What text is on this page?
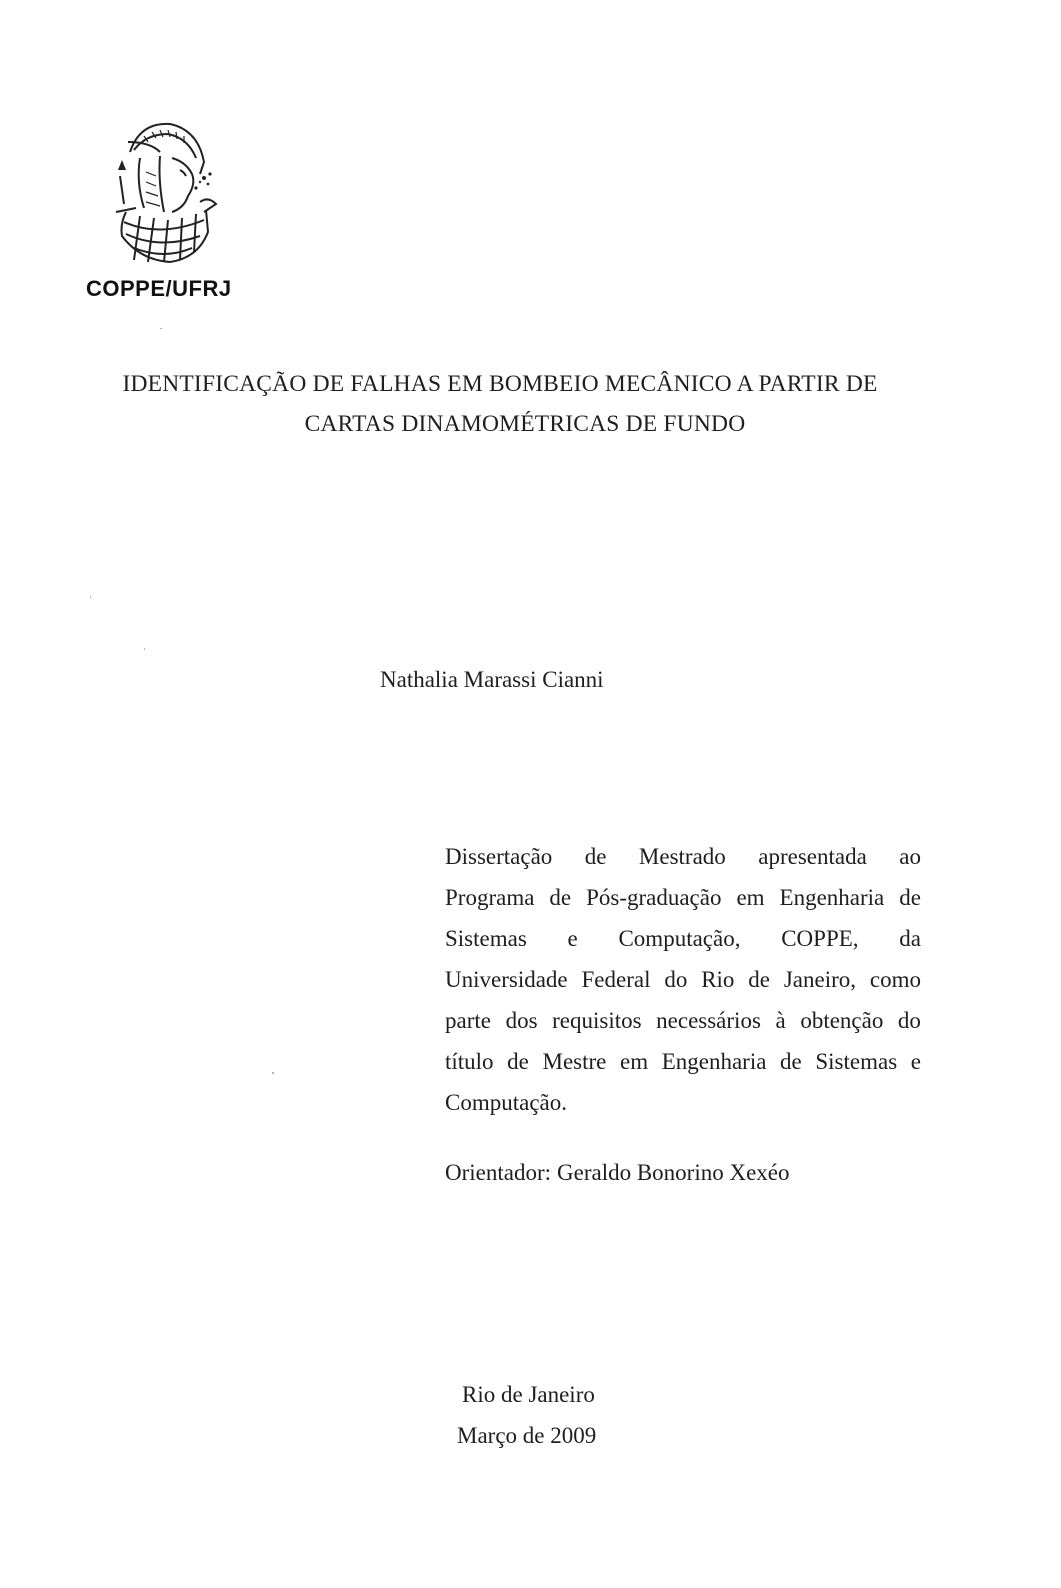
COPPE/UFRJ
IDENTIFICAÇÃO DE FALHAS EM BOMBEIO MECÂNICO A PARTIR DE
CARTAS DINAMOMÉTRICAS DE FUNDO
Nathalia Marassi Cianni
Dissertação de Mestrado apresentada ao
Programa de Pós-graduação em Engenharia de
Sistemas e Computação, COPPE, da
Universidade Federal do Rio de Janeiro, como
parte dos requisitos necessários à obtenção do
título de Mestre em Engenharia de Sistemas e
Computação.
Orientador: Geraldo Bonorino Xexéo
Rio de Janeiro
Março de 2009
